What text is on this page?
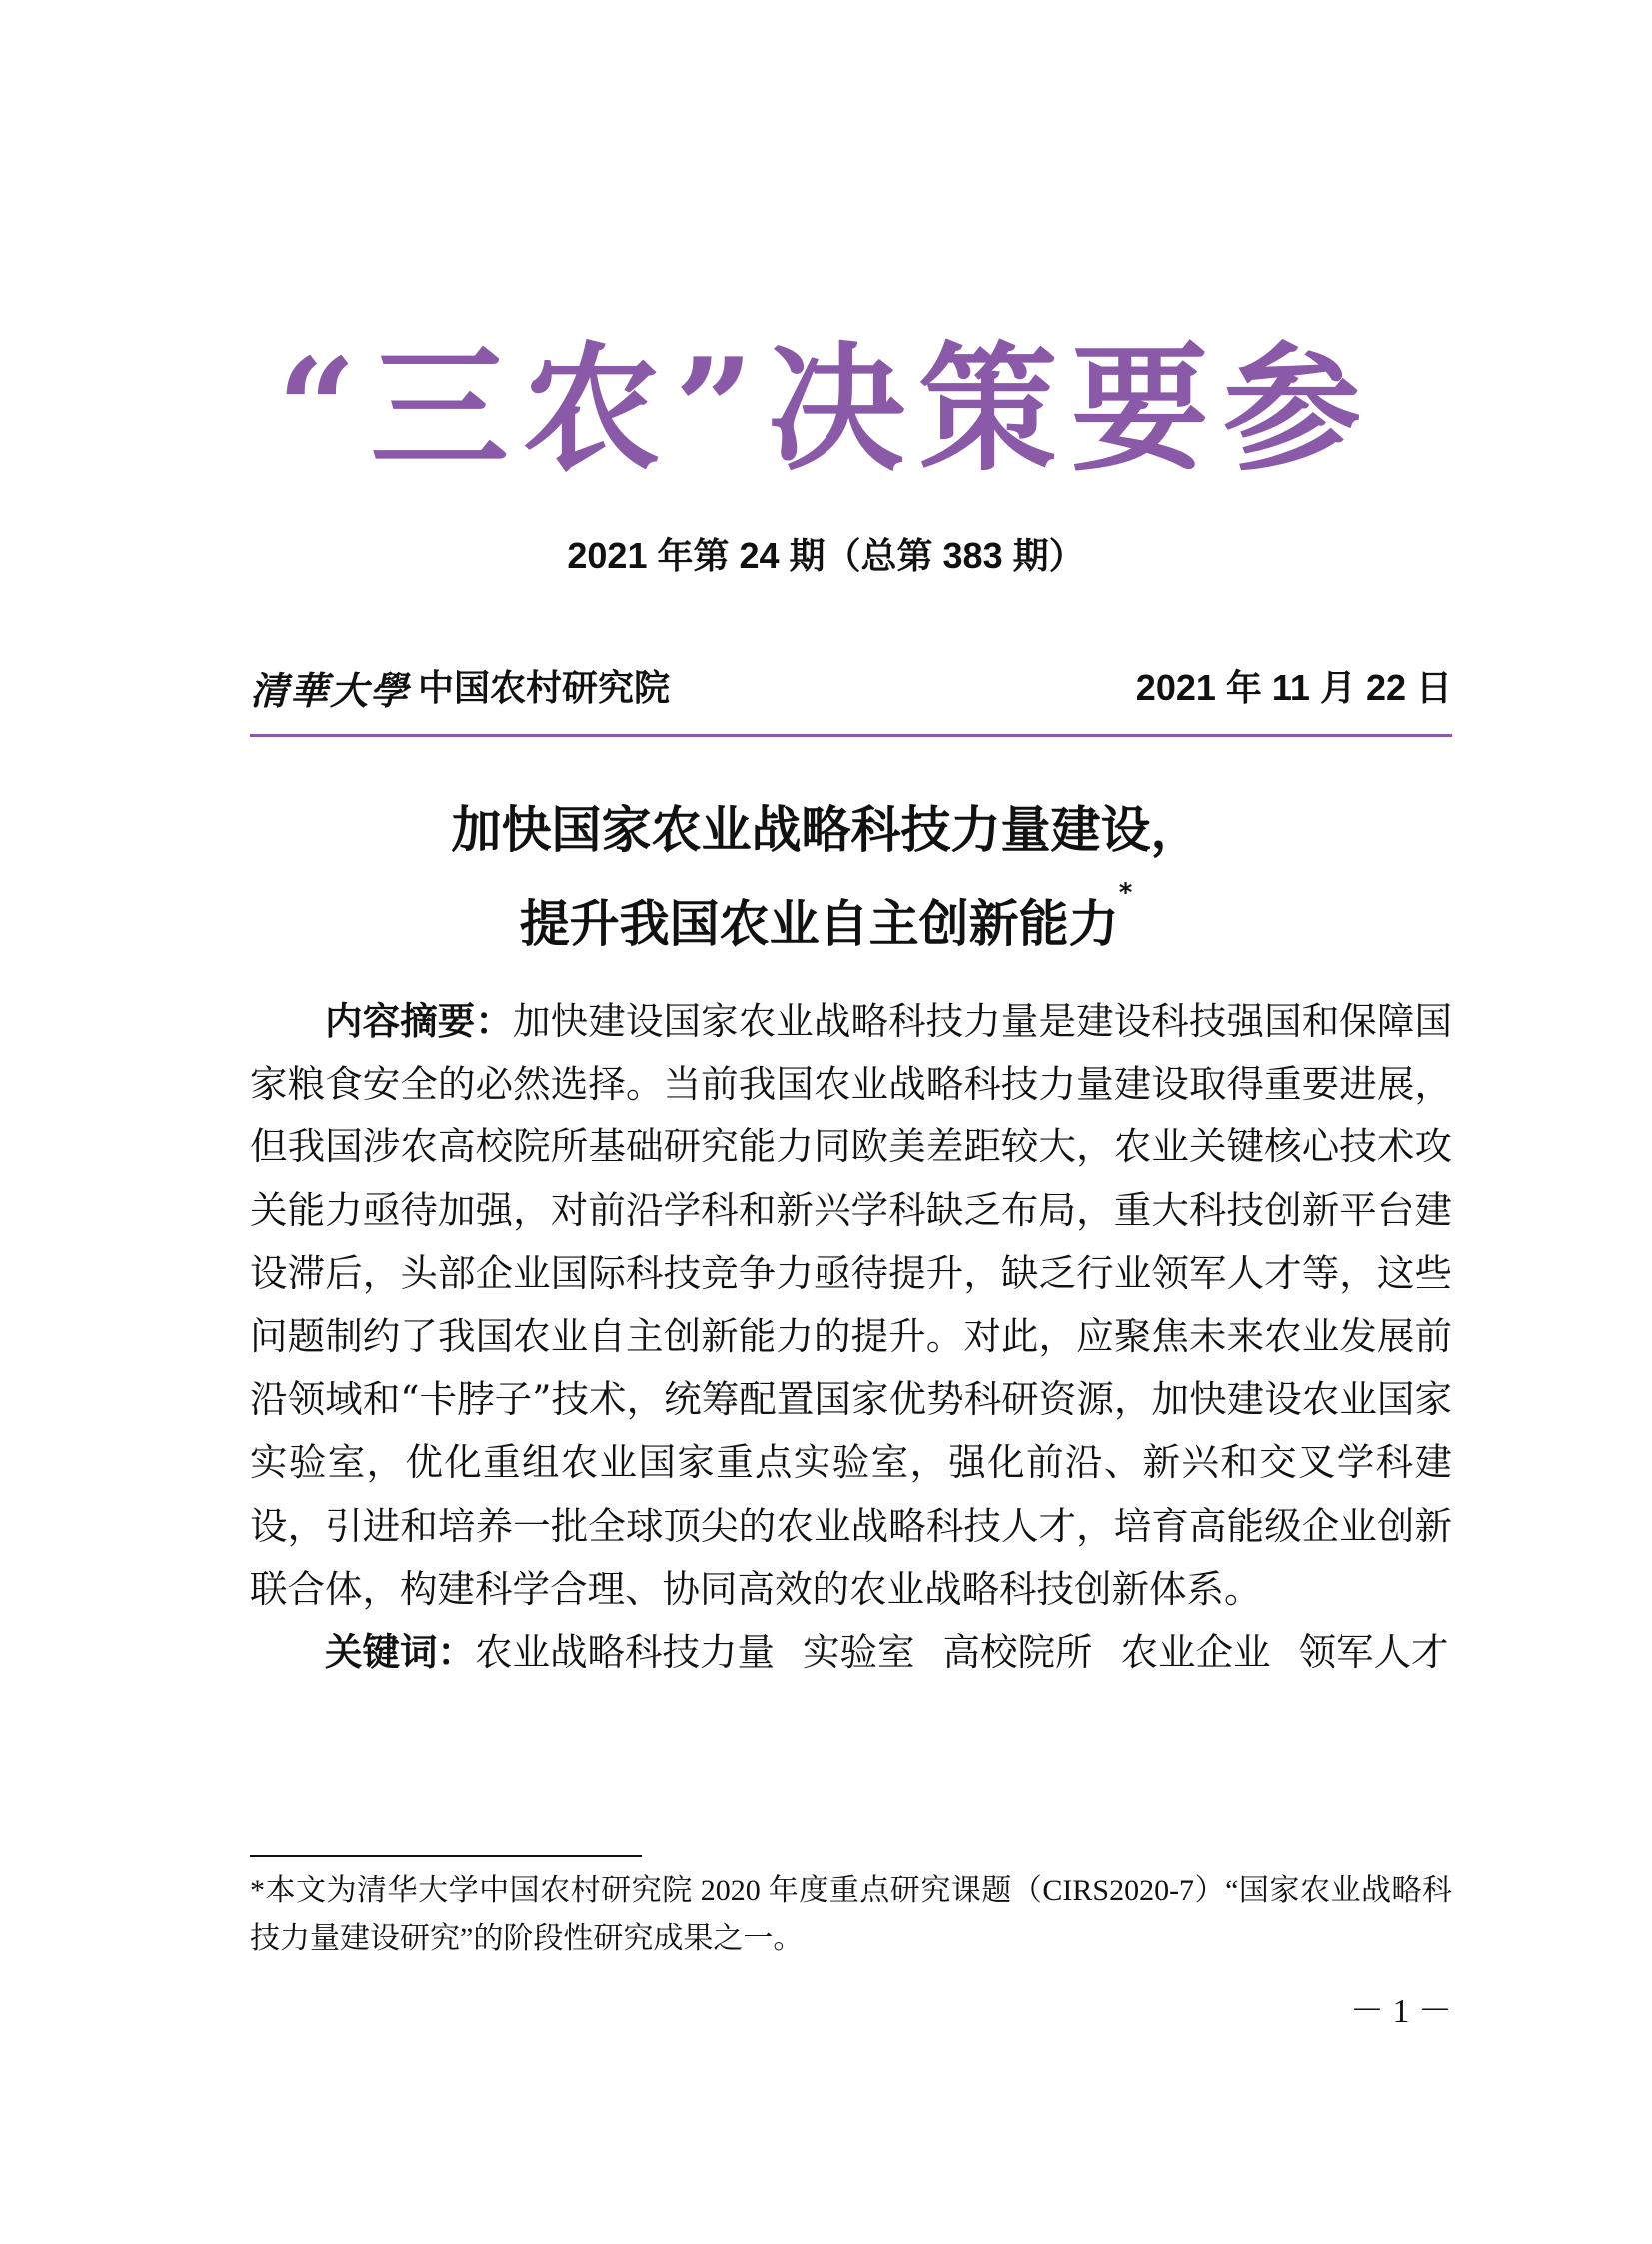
“三农”决策要参
2021 年第 24 期（总第 383 期）
清華大學 中国农村研究院	2021 年 11 月 22 日
加快国家农业战略科技力量建设，
提升我国农业自主创新能力*

内容摘要：加快建设国家农业战略科技力量是建设科技强国和保障国家粮食安全的必然选择。当前我国农业战略科技力量建设取得重要进展，但我国涉农高校院所基础研究能力同欧美差距较大，农业关键核心技术攻关能力亟待加强，对前沿学科和新兴学科缺乏布局，重大科技创新平台建设滞后，头部企业国际科技竞争力亟待提升，缺乏行业领军人才等，这些问题制约了我国农业自主创新能力的提升。对此，应聚焦未来农业发展前沿领域和“卡脖子”技术，统筹配置国家优势科研资源，加快建设农业国家实验室，优化重组农业国家重点实验室，强化前沿、新兴和交叉学科建设，引进和培养一批全球顶尖的农业战略科技人才，培育高能级企业创新联合体，构建科学合理、协同高效的农业战略科技创新体系。

关键词：农业战略科技力量 实验室 高校院所 农业企业 领军人才

*本文为清华大学中国农村研究院 2020 年度重点研究课题（CIRS2020-7）“国家农业战略科技力量建设研究”的阶段性研究成果之一。
－ 1 －
